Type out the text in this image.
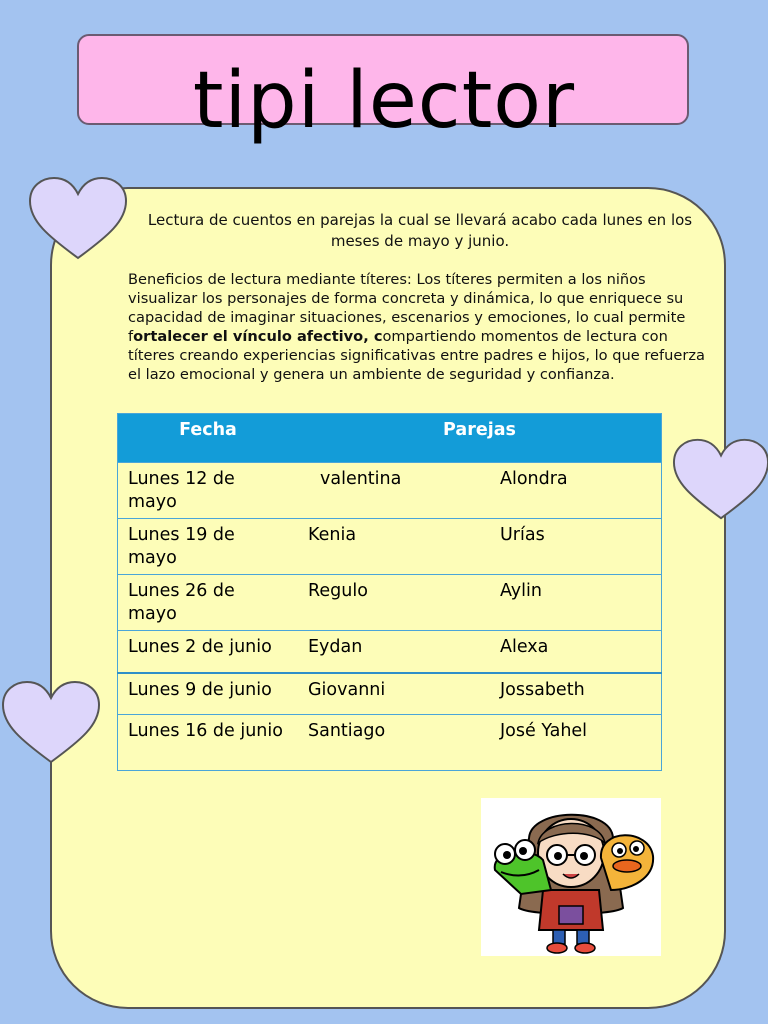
tipi lector
Lectura de cuentos en parejas la cual se llevará acabo cada lunes en los meses de mayo y junio.
Beneficios de lectura mediante títeres: Los títeres permiten a los niños visualizar los personajes de forma concreta y dinámica, lo que enriquece su capacidad de imaginar situaciones, escenarios y emociones, lo cual permite fortalecer el vínculo afectivo, compartiendo momentos de lectura con títeres creando experiencias significativas entre padres e hijos, lo que refuerza el lazo emocional y genera un ambiente de seguridad y confianza.
Fecha	Parejas	
Lunes 12 de mayo	valentina	Alondra
Lunes 19 de mayo	Kenia	Urías
Lunes 26 de mayo	Regulo	Aylin
Lunes 2 de junio	Eydan	Alexa
Lunes 9 de junio	Giovanni	Jossabeth
Lunes 16 de junio	Santiago	José Yahel
